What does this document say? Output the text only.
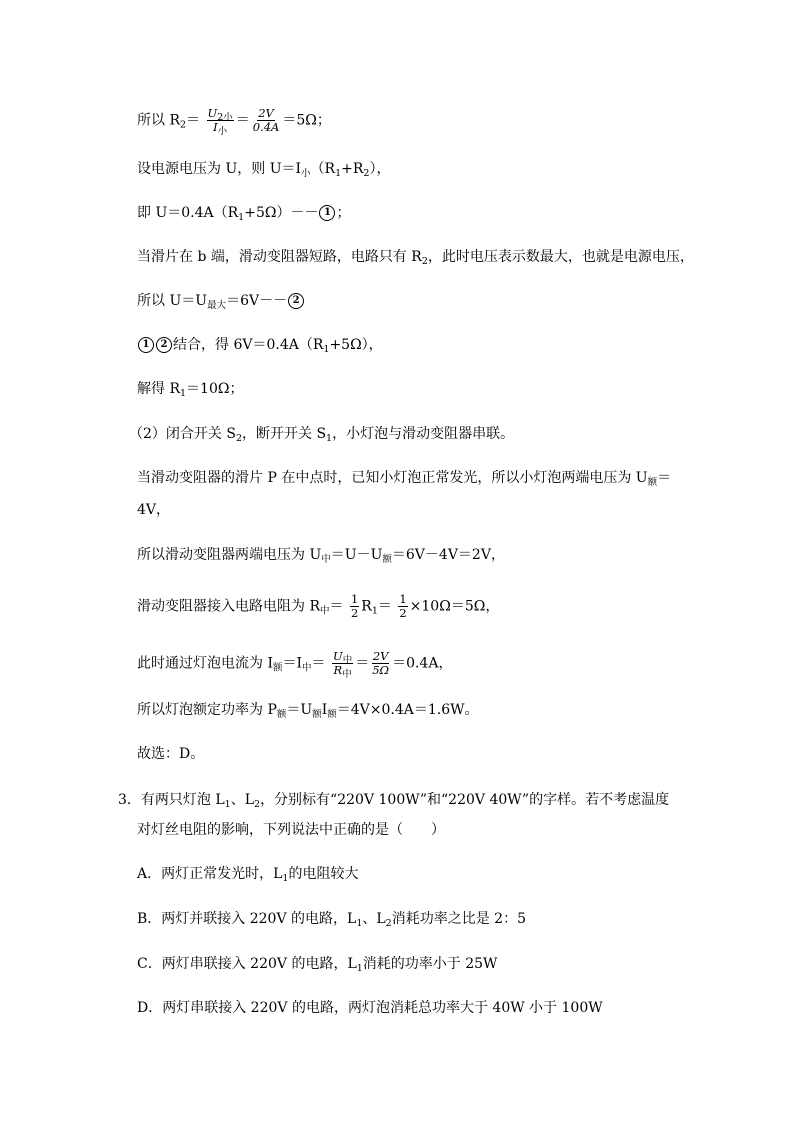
所以 $R_2= \frac{U_{2小}}{I_小} = \frac{2V}{0.4A} =5\Omega$；
设电源电压为 U，则 $U=I_小(R_1+R_2)$，
即 $U=0.4A(R_1+5\Omega)-- 1$ ；
当滑片在 b 端，滑动变阻器短路，电路只有 $R_2$，此时电压表示数最大，也就是电源电压，
所以 $U=U_{最大}=6V-- 2$
1 2 结合，得 $6V=0.4A(R_1+5\Omega)$，
解得 $R_1=10\Omega$；
（2）闭合开关 $S_2$，断开开关 $S_1$，小灯泡与滑动变阻器串联。
当滑动变阻器的滑片 P 在中点时，已知小灯泡正常发光，所以小灯泡两端电压为 $U_额=$
4V，
所以滑动变阻器两端电压为 $U_中=U-U_额=6V-4V=2V$，
滑动变阻器接入电路电阻为 $R_中= \frac{1}{2} R_1= \frac{1}{2} \times 10\Omega=5\Omega$，
此时通过灯泡电流为 $I_额=I_中= \frac{U_中}{R_中} = \frac{2V}{5\Omega} =0.4A$，
所以灯泡额定功率为 $P_额=U_额I_额=4V\times 0.4A=1.6W$。
故选：D。
3．有两只灯泡 $L_1$、$L_2$，分别标有“220V 100W”和“220V 40W”的字样。若不考虑温度
对灯丝电阻的影响，下列说法中正确的是（　　）
A．两灯正常发光时，$L_1$的电阻较大
B．两灯并联接入 220V 的电路，$L_1$、$L_2$消耗功率之比是 2：5
C．两灯串联接入 220V 的电路，$L_1$消耗的功率小于 25W
D．两灯串联接入 220V 的电路，两灯泡消耗总功率大于 40W 小于 100W
